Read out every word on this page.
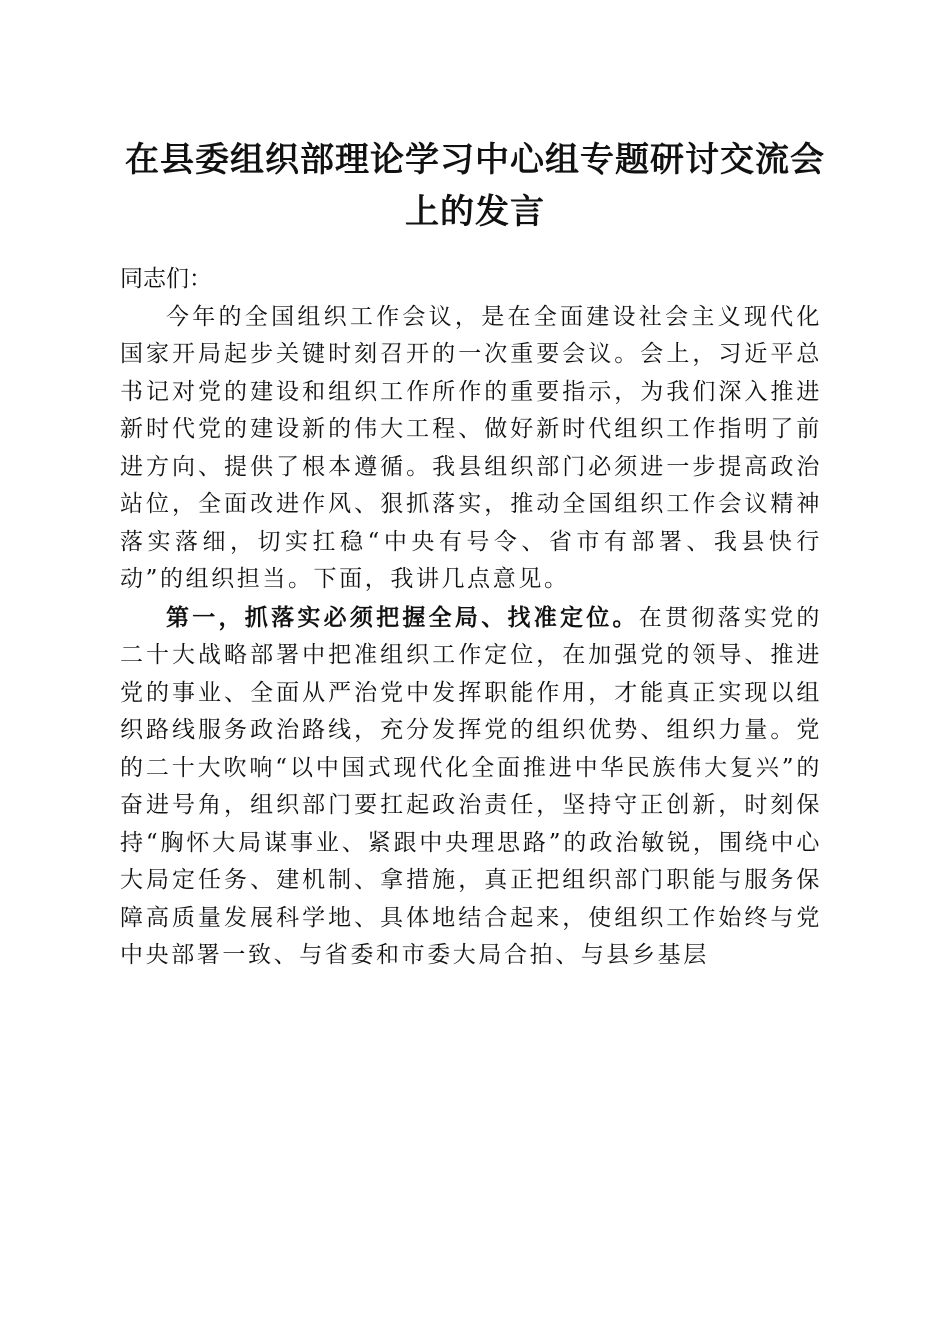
在县委组织部理论学习中心组专题研讨交流会上的发言

同志们：

今年的全国组织工作会议，是在全面建设社会主义现代化国家开局起步关键时刻召开的一次重要会议。会上，习近平总书记对党的建设和组织工作所作的重要指示，为我们深入推进新时代党的建设新的伟大工程、做好新时代组织工作指明了前进方向、提供了根本遵循。我县组织部门必须进一步提高政治站位，全面改进作风、狠抓落实，推动全国组织工作会议精神落实落细，切实扛稳“中央有号令、省市有部署、我县快行动”的组织担当。下面，我讲几点意见。

第一，抓落实必须把握全局、找准定位。在贯彻落实党的二十大战略部署中把准组织工作定位，在加强党的领导、推进党的事业、全面从严治党中发挥职能作用，才能真正实现以组织路线服务政治路线，充分发挥党的组织优势、组织力量。党的二十大吹响“以中国式现代化全面推进中华民族伟大复兴”的奋进号角，组织部门要扛起政治责任，坚持守正创新，时刻保持“胸怀大局谋事业、紧跟中央理思路”的政治敏锐，围绕中心大局定任务、建机制、拿措施，真正把组织部门职能与服务保障高质量发展科学地、具体地结合起来，使组织工作始终与党中央部署一致、与省委和市委大局合拍、与县乡基层
